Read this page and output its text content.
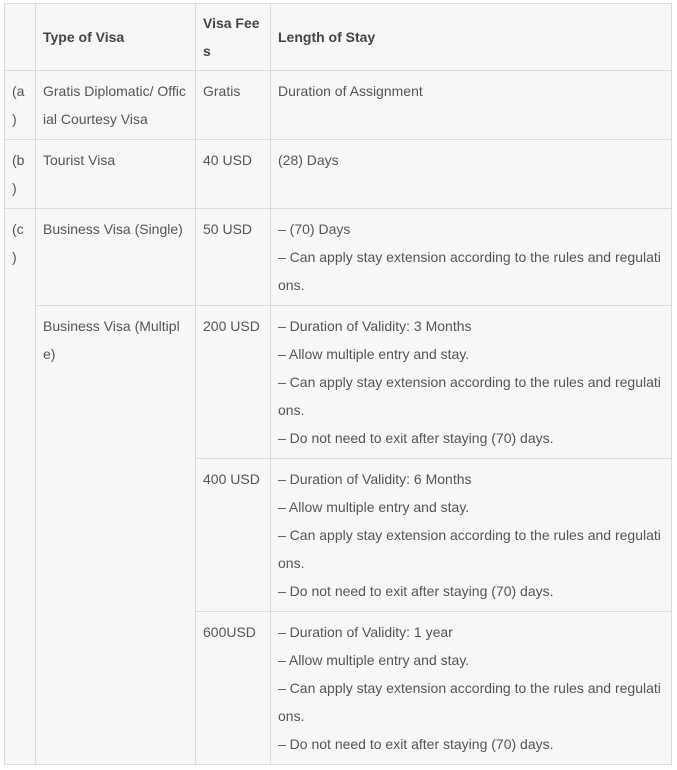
	Type of Visa	Visa Fees	Length of Stay
(a)	Gratis Diplomatic/ Official Courtesy Visa	Gratis	Duration of Assignment

(b)	Tourist Visa	40 USD	(28) Days

(c)	Business Visa (Single)	50 USD	– (70) Days
– Can apply stay extension according to the rules and regulations.

	Business Visa (Multiple)	200 USD	– Duration of Validity: 3 Months
– Allow multiple entry and stay.
– Can apply stay extension according to the rules and regulations.
– Do not need to exit after staying (70) days.

		400 USD	– Duration of Validity: 6 Months
– Allow multiple entry and stay.
– Can apply stay extension according to the rules and regulations.
– Do not need to exit after staying (70) days.

		600USD	– Duration of Validity: 1 year
– Allow multiple entry and stay.
– Can apply stay extension according to the rules and regulations.
– Do not need to exit after staying (70) days.
